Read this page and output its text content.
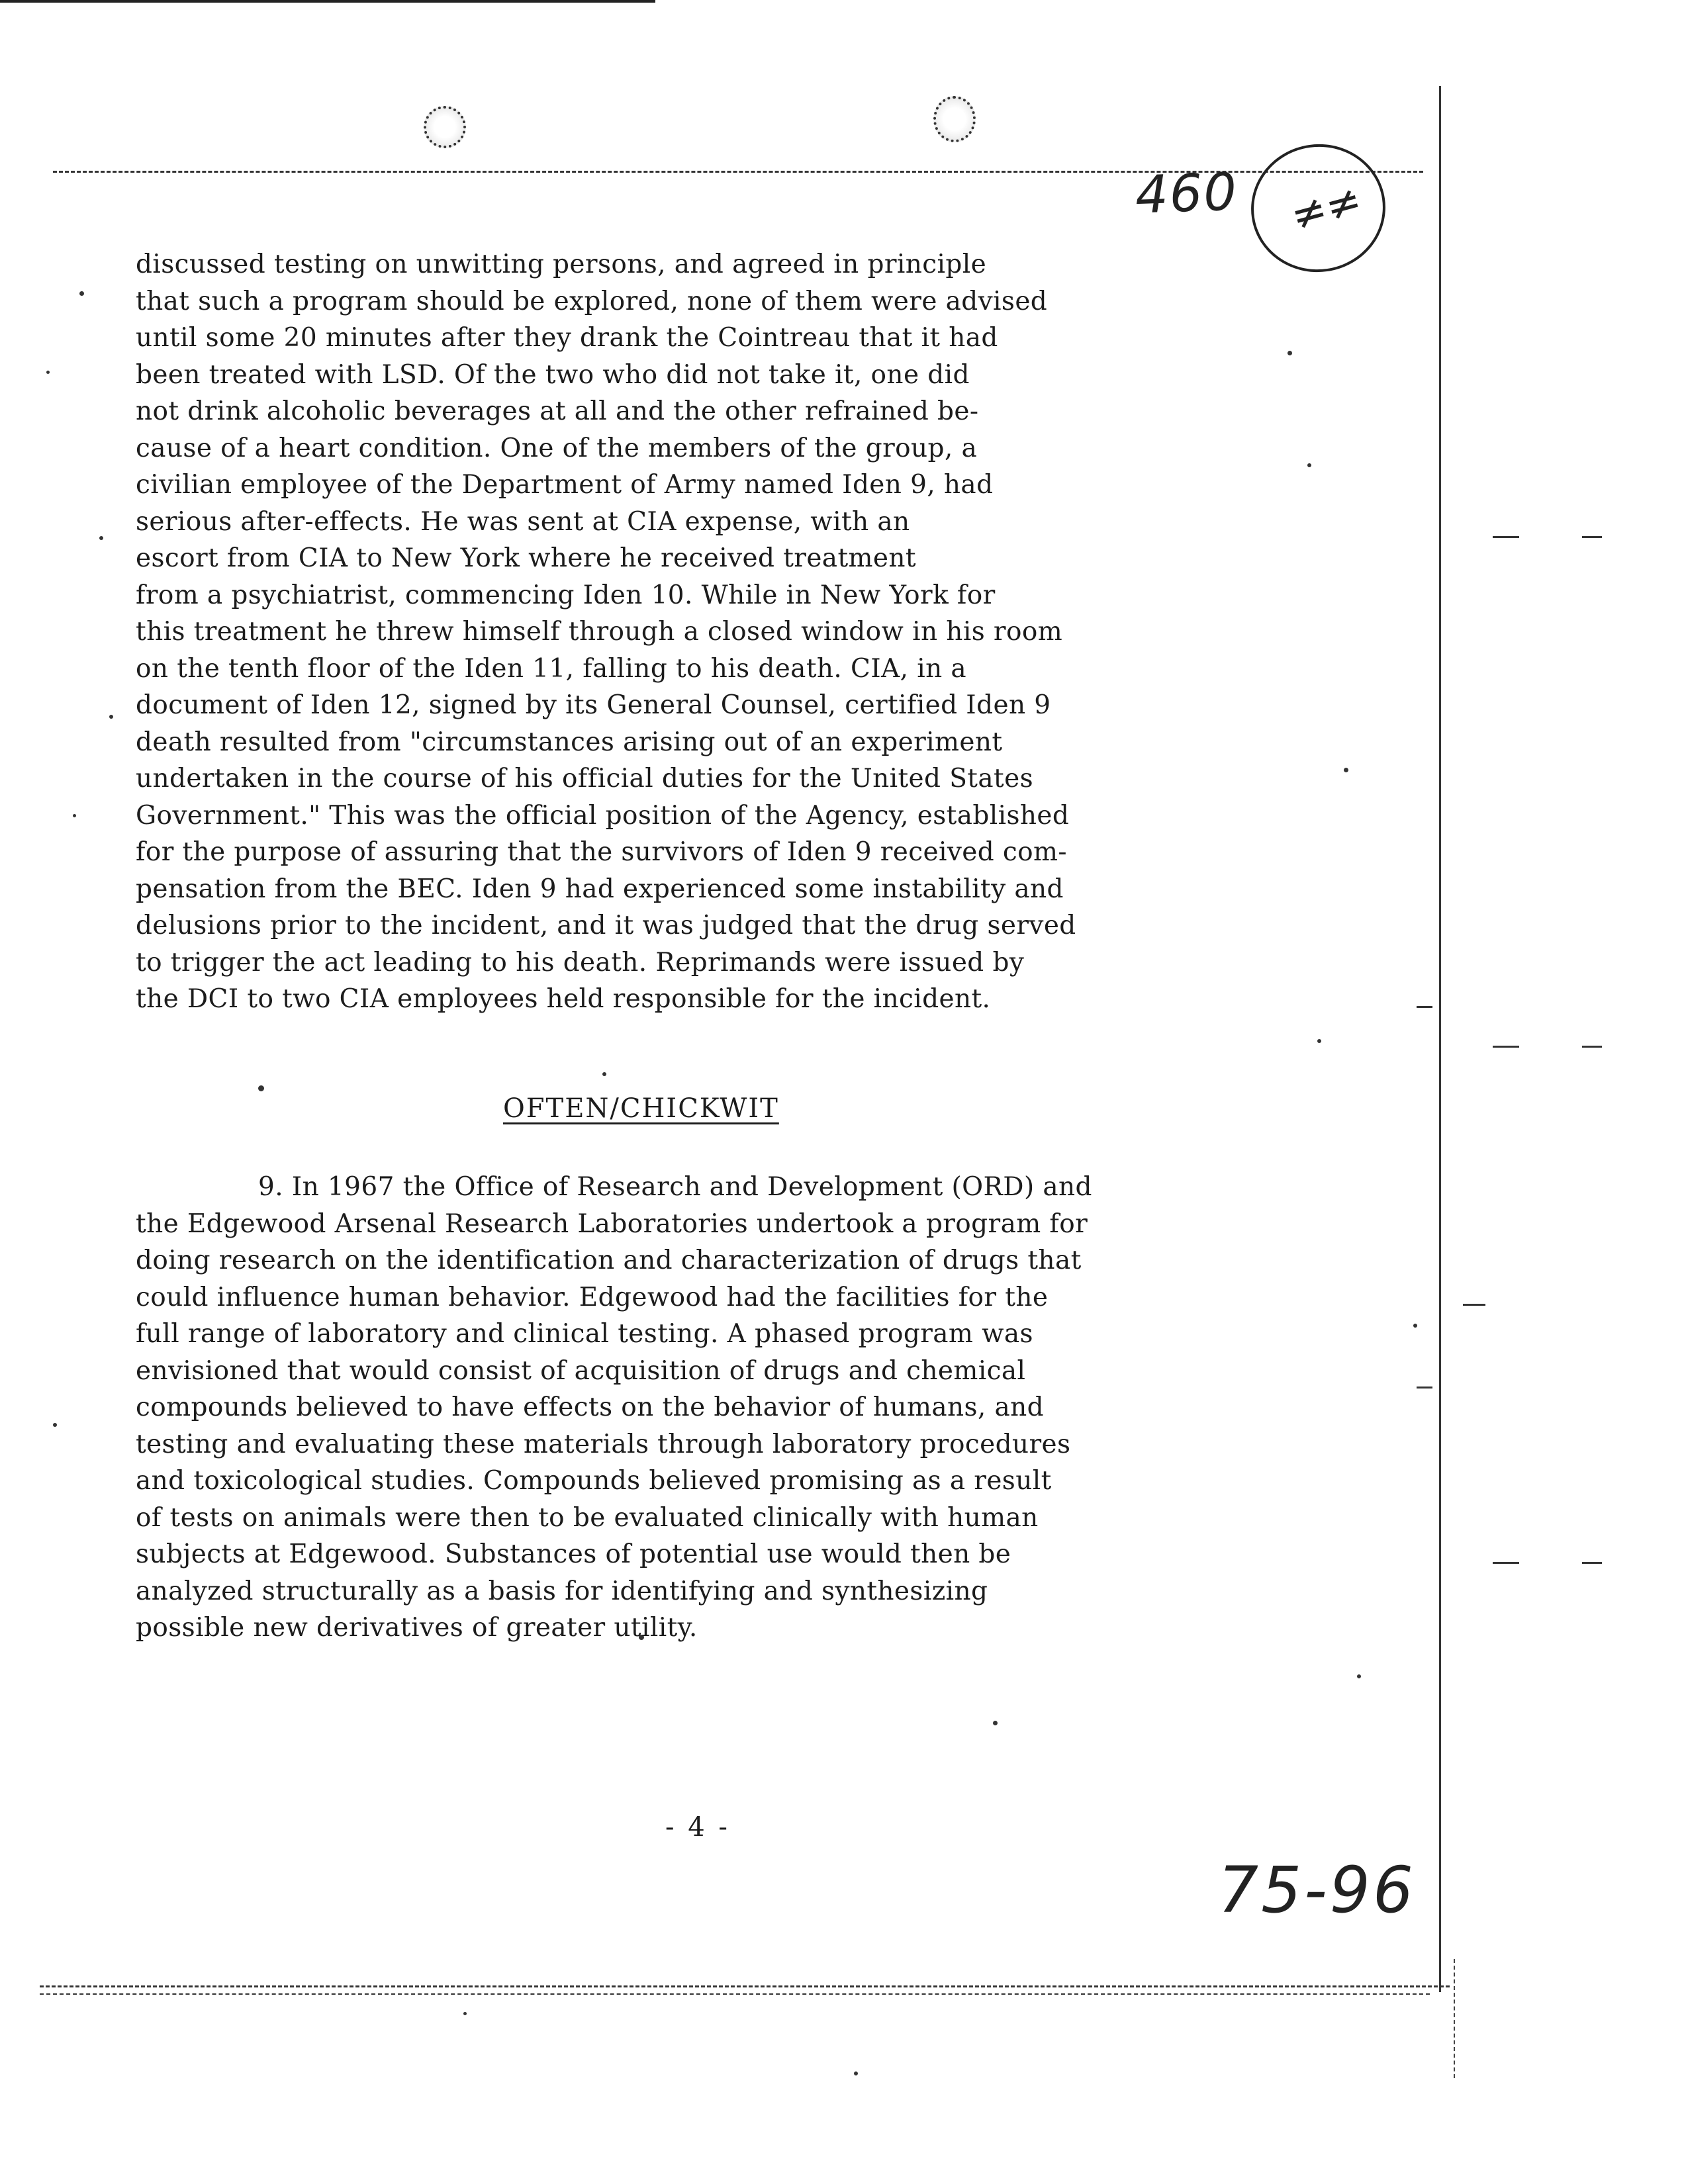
460 ≠≠
75-96
discussed testing on unwitting persons, and agreed in principle
that such a program should be explored, none of them were advised
until some 20 minutes after they drank the Cointreau that it had
been treated with LSD. Of the two who did not take it, one did
not drink alcoholic beverages at all and the other refrained be-
cause of a heart condition. One of the members of the group, a
civilian employee of the Department of Army named Iden 9, had
serious after-effects. He was sent at CIA expense, with an
escort from CIA to New York where he received treatment
from a psychiatrist, commencing Iden 10. While in New York for
this treatment he threw himself through a closed window in his room
on the tenth floor of the Iden 11, falling to his death. CIA, in a
document of Iden 12, signed by its General Counsel, certified Iden 9
death resulted from "circumstances arising out of an experiment
undertaken in the course of his official duties for the United States
Government." This was the official position of the Agency, established
for the purpose of assuring that the survivors of Iden 9 received com-
pensation from the BEC. Iden 9 had experienced some instability and
delusions prior to the incident, and it was judged that the drug served
to trigger the act leading to his death. Reprimands were issued by
the DCI to two CIA employees held responsible for the incident.
OFTEN/CHICKWIT
9. In 1967 the Office of Research and Development (ORD) and
the Edgewood Arsenal Research Laboratories undertook a program for
doing research on the identification and characterization of drugs that
could influence human behavior. Edgewood had the facilities for the
full range of laboratory and clinical testing. A phased program was
envisioned that would consist of acquisition of drugs and chemical
compounds believed to have effects on the behavior of humans, and
testing and evaluating these materials through laboratory procedures
and toxicological studies. Compounds believed promising as a result
of tests on animals were then to be evaluated clinically with human
subjects at Edgewood. Substances of potential use would then be
analyzed structurally as a basis for identifying and synthesizing
possible new derivatives of greater utility.
- 4 -
